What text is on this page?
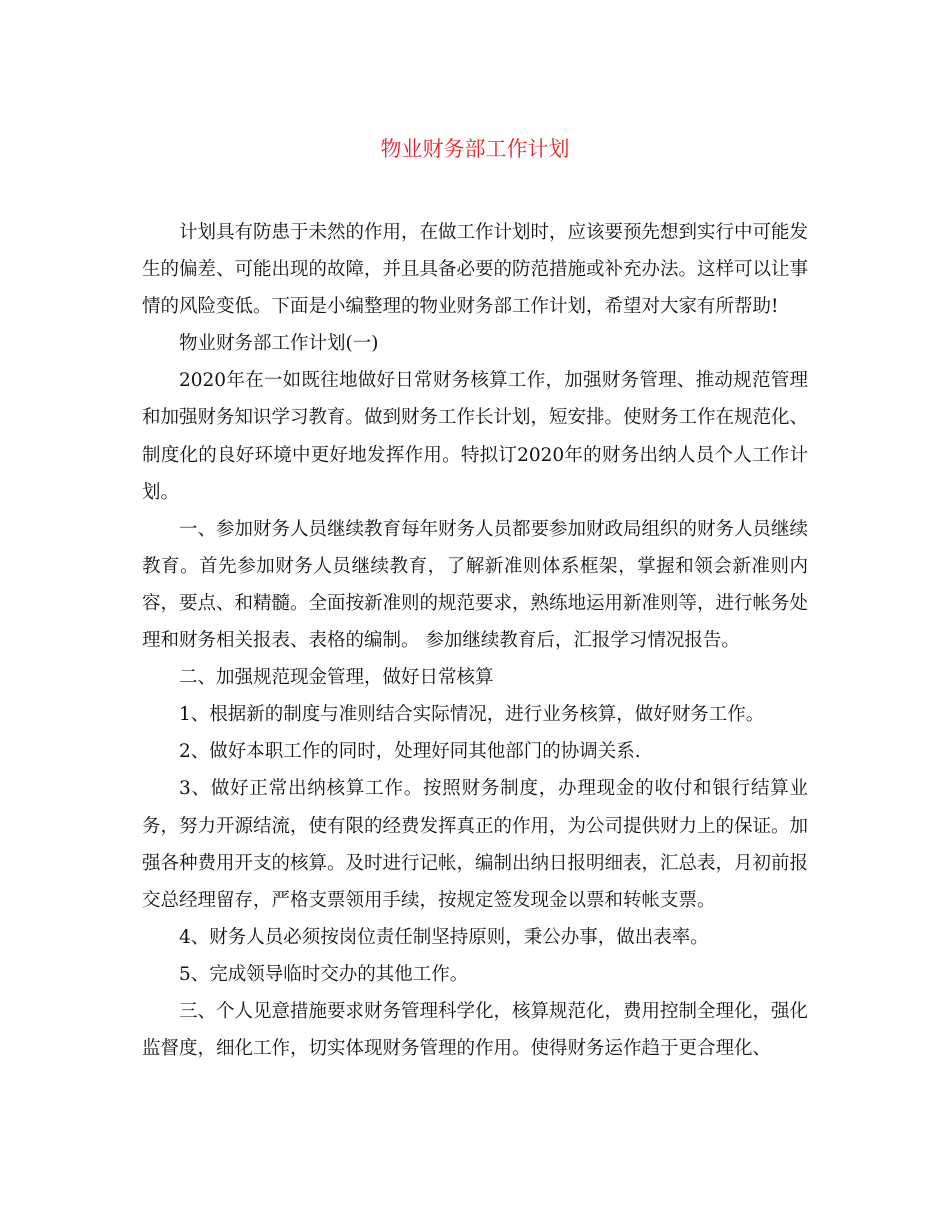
物业财务部工作计划

计划具有防患于未然的作用，在做工作计划时，应该要预先想到实行中可能发生的偏差、可能出现的故障，并且具备必要的防范措施或补充办法。这样可以让事情的风险变低。下面是小编整理的物业财务部工作计划，希望对大家有所帮助!

物业财务部工作计划(一)

2020年在一如既往地做好日常财务核算工作，加强财务管理、推动规范管理和加强财务知识学习教育。做到财务工作长计划，短安排。使财务工作在规范化、制度化的良好环境中更好地发挥作用。特拟订2020年的财务出纳人员个人工作计划。

一、参加财务人员继续教育每年财务人员都要参加财政局组织的财务人员继续教育。首先参加财务人员继续教育，了解新准则体系框架，掌握和领会新准则内容，要点、和精髓。全面按新准则的规范要求，熟练地运用新准则等，进行帐务处理和财务相关报表、表格的编制。 参加继续教育后，汇报学习情况报告。

二、加强规范现金管理，做好日常核算

1、根据新的制度与准则结合实际情况，进行业务核算，做好财务工作。

2、做好本职工作的同时，处理好同其他部门的协调关系.

3、做好正常出纳核算工作。按照财务制度，办理现金的收付和银行结算业务，努力开源结流，使有限的经费发挥真正的作用，为公司提供财力上的保证。加强各种费用开支的核算。及时进行记帐，编制出纳日报明细表，汇总表，月初前报交总经理留存，严格支票领用手续，按规定签发现金以票和转帐支票。

4、财务人员必须按岗位责任制坚持原则，秉公办事，做出表率。

5、完成领导临时交办的其他工作。

三、个人见意措施要求财务管理科学化，核算规范化，费用控制全理化，强化监督度，细化工作，切实体现财务管理的作用。使得财务运作趋于更合理化、
